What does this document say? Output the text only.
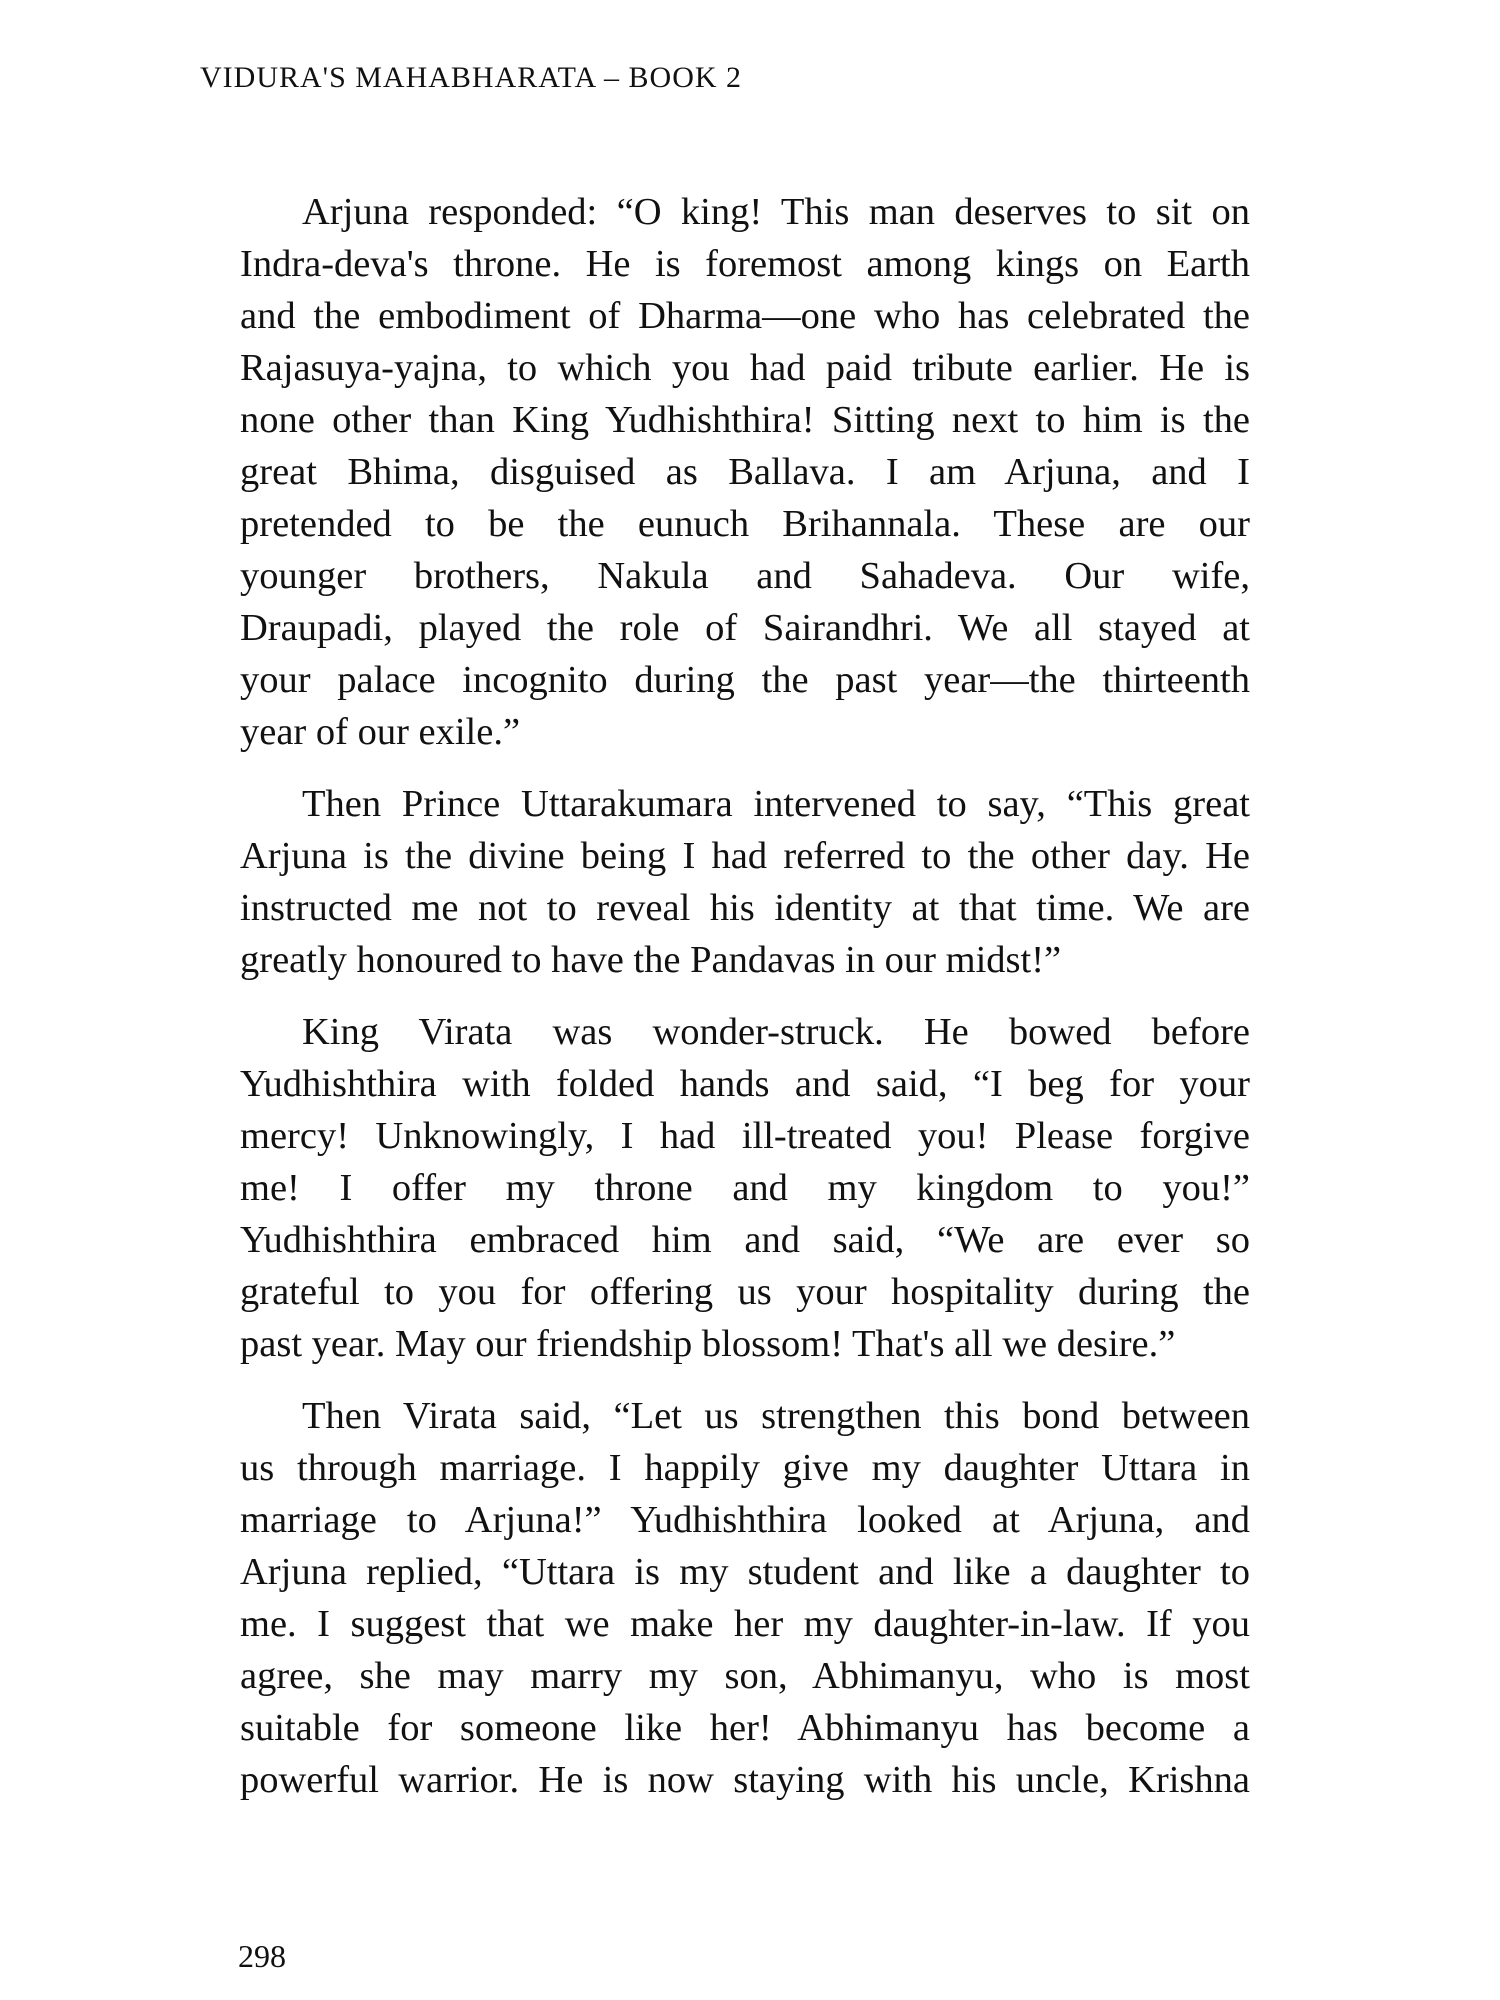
VIDURA'S MAHABHARATA – BOOK 2

Arjuna responded: “O king! This man deserves to sit on
Indra-deva's throne. He is foremost among kings on Earth
and the embodiment of Dharma—one who has celebrated the
Rajasuya-yajna, to which you had paid tribute earlier. He is
none other than King Yudhishthira! Sitting next to him is the
great Bhima, disguised as Ballava. I am Arjuna, and I
pretended to be the eunuch Brihannala. These are our
younger brothers, Nakula and Sahadeva. Our wife,
Draupadi, played the role of Sairandhri. We all stayed at
your palace incognito during the past year—the thirteenth
year of our exile.”

Then Prince Uttarakumara intervened to say, “This great
Arjuna is the divine being I had referred to the other day. He
instructed me not to reveal his identity at that time. We are
greatly honoured to have the Pandavas in our midst!”

King Virata was wonder-struck. He bowed before
Yudhishthira with folded hands and said, “I beg for your
mercy! Unknowingly, I had ill-treated you! Please forgive
me! I offer my throne and my kingdom to you!”
Yudhishthira embraced him and said, “We are ever so
grateful to you for offering us your hospitality during the
past year. May our friendship blossom! That's all we desire.”

Then Virata said, “Let us strengthen this bond between
us through marriage. I happily give my daughter Uttara in
marriage to Arjuna!” Yudhishthira looked at Arjuna, and
Arjuna replied, “Uttara is my student and like a daughter to
me. I suggest that we make her my daughter-in-law. If you
agree, she may marry my son, Abhimanyu, who is most
suitable for someone like her! Abhimanyu has become a
powerful warrior. He is now staying with his uncle, Krishna

298
